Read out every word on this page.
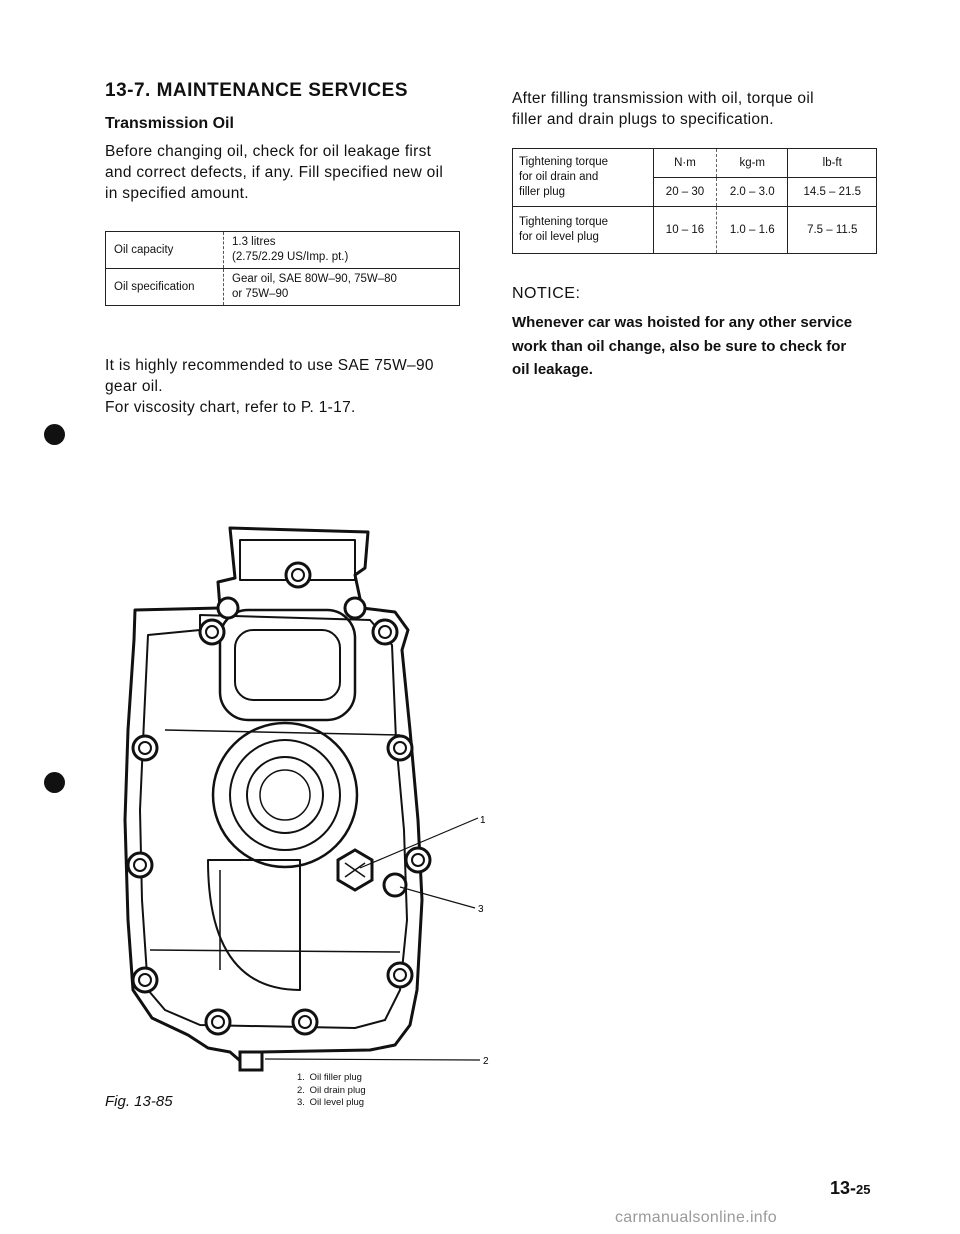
13-7. MAINTENANCE SERVICES
Transmission Oil

Before changing oil, check for oil leakage first

and correct defects, if any. Fill specified new oil

in specified amount.

Oil capacity	1.3 litres
(2.75/2.29 US/Imp. pt.)

Oil specification	Gear oil, SAE 80W–90, 75W–80
or 75W–90

It is highly recommended to use SAE 75W–90

gear oil.

For viscosity chart, refer to P. 1-17.

After filling transmission with oil, torque oil

filler and drain plugs to specification.

Tightening torque
for oil drain and
filler plug	N·m	kg-m	lb-ft
	20 – 30	2.0 – 3.0	14.5 – 21.5

Tightening torque
for oil level plug	10 – 16	1.0 – 1.6	7.5 – 11.5
NOTICE:
Whenever car was hoisted for any other service
work than oil change, also be sure to check for
oil leakage.
1
3
2
1. Oil filler plug
2. Oil drain plug
3. Oil level plug
Fig. 13-85
13-25
carmanualsonline.info
